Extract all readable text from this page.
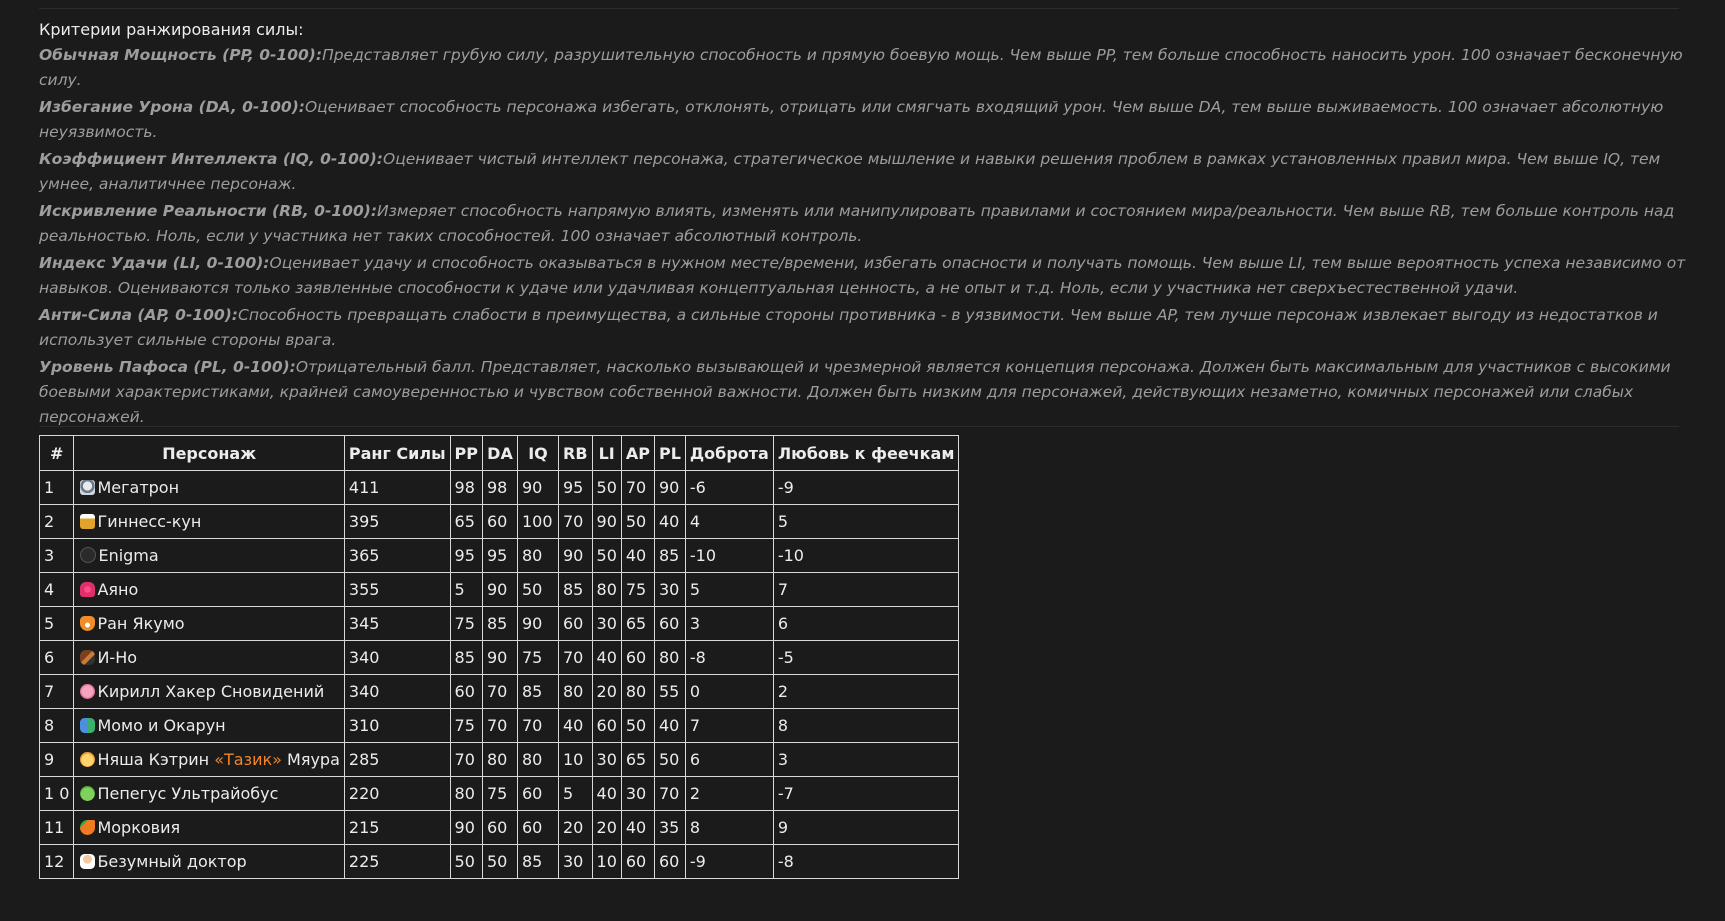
Критерии ранжирования силы:
Обычная Мощность (PP, 0-100):Представляет грубую силу, разрушительную способность и прямую боевую мощь. Чем выше PP, тем больше способность наносить урон. 100 означает бесконечную силу.
Избегание Урона (DA, 0-100):Оценивает способность персонажа избегать, отклонять, отрицать или смягчать входящий урон. Чем выше DA, тем выше выживаемость. 100 означает абсолютную неуязвимость.
Коэффициент Интеллекта (IQ, 0-100):Оценивает чистый интеллект персонажа, стратегическое мышление и навыки решения проблем в рамках установленных правил мира. Чем выше IQ, тем умнее, аналитичнее персонаж.
Искривление Реальности (RB, 0-100):Измеряет способность напрямую влиять, изменять или манипулировать правилами и состоянием мира/реальности. Чем выше RB, тем больше контроль над реальностью. Ноль, если у участника нет таких способностей. 100 означает абсолютный контроль.
Индекс Удачи (LI, 0-100):Оценивает удачу и способность оказываться в нужном месте/времени, избегать опасности и получать помощь. Чем выше LI, тем выше вероятность успеха независимо от навыков. Оцениваются только заявленные способности к удаче или удачливая концептуальная ценность, а не опыт и т.д. Ноль, если у участника нет сверхъестественной удачи.
Анти-Сила (AP, 0-100):Способность превращать слабости в преимущества, а сильные стороны противника - в уязвимости. Чем выше AP, тем лучше персонаж извлекает выгоду из недостатков и использует сильные стороны врага.
Уровень Пафоса (PL, 0-100):Отрицательный балл. Представляет, насколько вызывающей и чрезмерной является концепция персонажа. Должен быть максимальным для участников с высокими боевыми характеристиками, крайней самоуверенностью и чувством собственной важности. Должен быть низким для персонажей, действующих незаметно, комичных персонажей или слабых персонажей.
#	Персонаж	Ранг Силы	PP	DA	IQ	RB	LI	AP	PL	Доброта	Любовь к феечкам
1	Мегатрон	411	98	98	90	95	50	70	90	-6	-9
2	Гиннесс-кун	395	65	60	100	70	90	50	40	4	5
3	Enigma	365	95	95	80	90	50	40	85	-10	-10
4	Аяно	355	5	90	50	85	80	75	30	5	7
5	Ран Якумо	345	75	85	90	60	30	65	60	3	6
6	И-Но	340	85	90	75	70	40	60	80	-8	-5
7	Кирилл Хакер Сновидений	340	60	70	85	80	20	80	55	0	2
8	Момо и Окарун	310	75	70	70	40	60	50	40	7	8
9	Няша Кэтрин «Тазик» Мяура	285	70	80	80	10	30	65	50	6	3
1 0	Пепегус Ультрайобус	220	80	75	60	5	40	30	70	2	-7
11	Морковия	215	90	60	60	20	20	40	35	8	9
12	Безумный доктор	225	50	50	85	30	10	60	60	-9	-8
